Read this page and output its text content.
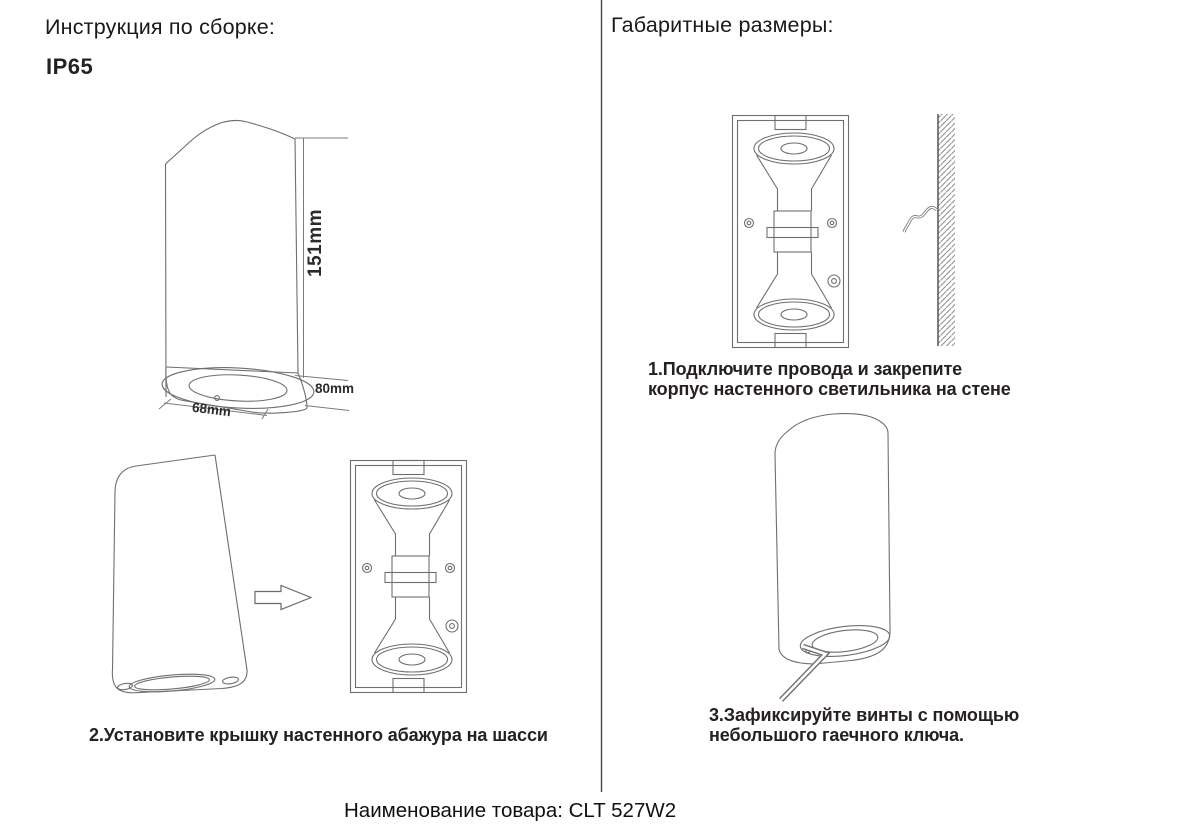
Инструкция по сборке:
IP65
151mm
80mm
68mm
2.Установите крышку настенного абажура на шасси
Габаритные размеры:
1.Подключите провода и закрепите
корпус настенного светильника на стене
3.Зафиксируйте винты с помощью
небольшого гаечного ключа.
Наименование товара: CLT 527W2
